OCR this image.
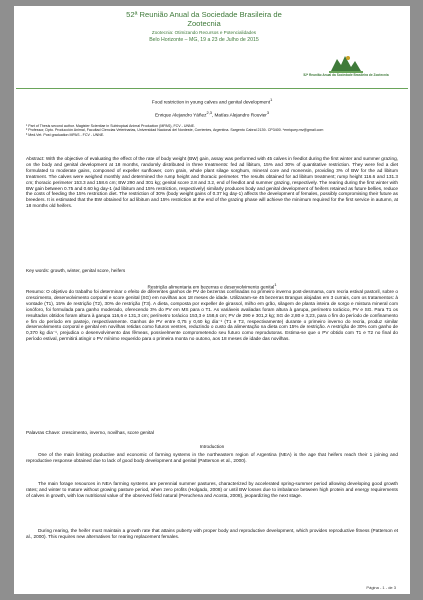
52ª Reunião Anual da Sociedade Brasileira de Zootecnia
Zootecnia: Otimizando Recursos e Potencialidades
Belo Horizonte – MG, 19 a 23 de Julho de 2015
52ª Reunião Anual da Sociedade Brasileira de Zootecnia
Food restriction in young calves and genital development$^1$
Enrique Alejandro Yáñez$^{2,3}$, Matías Alejandro Rouvier$^3$
¹ Part of Thesis second author. Magister Scientiae in Subtropical Animal Production (MPAS), FCV - UNNE.
² Professor, Dpto. Producción Animal, Facultad Ciencias Veterinarias, Universidad Nacional del Nordeste, Corrientes, Argentina. Sargento Cabral 2139- CP3400. *enriquey.mv@gmail.com
³ Med.Vet. Post graduation MPAS - FCV - UNNE.
Abstract: With the objective of evaluating the effect of the rate of body weight (BW) gain, assay was performed with 45 calves in feedlot during the first winter and summer grazing, on the body and genital development at 18 months, randomly distributed in three treatments: fed ad libitum, 15% and 30% of quantitative restriction. They were fed a diet formulated to moderate gains, composed of expeller sunflower, corn grain, whole plant silage sorghum, mineral core and monensin, providing 3% of BW for the ad libitum treatment. The calves were weighed monthly and determined the rump height and thoracic perimeter. The results obtained for ad libitum treatment; rump height 116.6 and 131.3 cm; thoracic perimeter 153.3 and 158.6 cm; BW 290 and 301 kg; genital score 2.8 and 3.2, end of feedlot and summer grazing, respectively. The rearing during the first winter with BW gain between 0.75 and 0.60 kg day-1 (ad libitum and 15% restriction, respectively) similarly produces body and genital development of heifers retained as future bellies, reduce the costs of feeding the 15% restriction diet. The restriction of 30% (body weight gains of 0.37 kg day-1) affects the development of females, possibly compromising their future as breeders. It is estimated that the BW obtained for ad libitum and 15% restriction at the end of the grazing phase will achieve the minimum required for the first service in autumn, at 18 months old heifers.
Key words: growth, winter, genital score, heifers
Restrição alimentaria em bezerras e desenvolvimento genital$^1$
Resumo: O objetivo do trabalho foi determinar o efeito de diferentes ganhos de PV de bezerras confinadas no primeiro inverno post-desmama, com recria estival pastoril, sobre o crescimento, desenvolvimento corporal e score genital (SG) em novilhas aos 18 meses de idade. Utilizaram-se 45 bezerras Brangus alojadas em 3 currais, com os tratamentos: à vontade (T1), 15% de restrição (T2), 30% de restrição (T3). A dieta, composta por expeller de girassol, milho em grão, silagem de planta inteira de sorgo e mistura mineral com ionóforo, foi formulada para ganho moderado, oferecendo 3% do PV em MS para o T1. As variáveis avaliadas foram altura à garupa, perímetro torácico, PV e SG. Para T1 os resultados obtidos foram altura à garupa 116,6 e 131,3 cm; perímetro torácico 153,3 e 158,6 cm; PV de 290 e 301,2 kg; SG de 2,80 e 3,23, para o fim do período de confinamento e fim do período em pastejo, respectivamente. Ganhos de PV entre 0,75 y 0,60 kg dia⁻¹ (T1 e T2, respectivamente) durante o primeiro inverno do recria, produz similar desenvolvimento corporal e genital em novilhas retidas como futuros ventres, reduzindo o custo da alimentação na dieta com 15% de restrição. A restrição de 30% com ganho de 0,370 kg dia⁻¹, prejudica o desenvolvimento das fêmeas, possivelmente comprometendo seu futuro como reprodutoras. Estima-se que o PV obtido com T1 e T2 no final do período estival, permitirá atingir o PV mínimo requerido para o primeira monta no outono, aos 18 meses de idade das novilhas.
Palavras Chave: crescimento, inverno, novilhas, score genital
Introduction
One of the main limiting productive and economic of farming systems in the northeastern region of Argentina (NEA) is the age that heifers reach their 1 joining and reproductive response obtained due to lack of good body development and genital (Patterson et al., 2000).
The main forage resources in NEA farming systems are perennial summer pastures, characterized by accelerated spring-summer period allowing developing good growth rates; and winter to mature without growing pasture period, when zero profits (Holgado, 2008) or until BW losses due to imbalance between high protein and energy requirements of calves in growth, with low nutritional value of the observed field natural (Peruchena and Acosta, 2008), jeopardizing the next stage.
During rearing, the heifer must maintain a growth rate that attains puberty with proper body and reproductive development, which provides reproductive fitness (Patterson et al., 2000). This requires new alternatives for rearing replacement females.
Página - 1 - de 3
